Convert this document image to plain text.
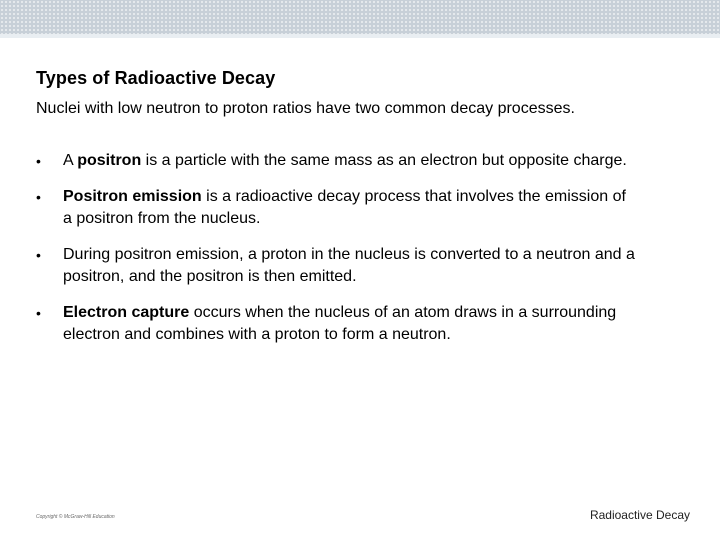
Types of Radioactive Decay
Nuclei with low neutron to proton ratios have two common decay processes.
• A positron is a particle with the same mass as an electron but opposite charge.
• Positron emission is a radioactive decay process that involves the emission of a positron from the nucleus.
• During positron emission, a proton in the nucleus is converted to a neutron and a positron, and the positron is then emitted.
• Electron capture occurs when the nucleus of an atom draws in a surrounding electron and combines with a proton to form a neutron.
Copyright © McGraw-Hill Education	Radioactive Decay
